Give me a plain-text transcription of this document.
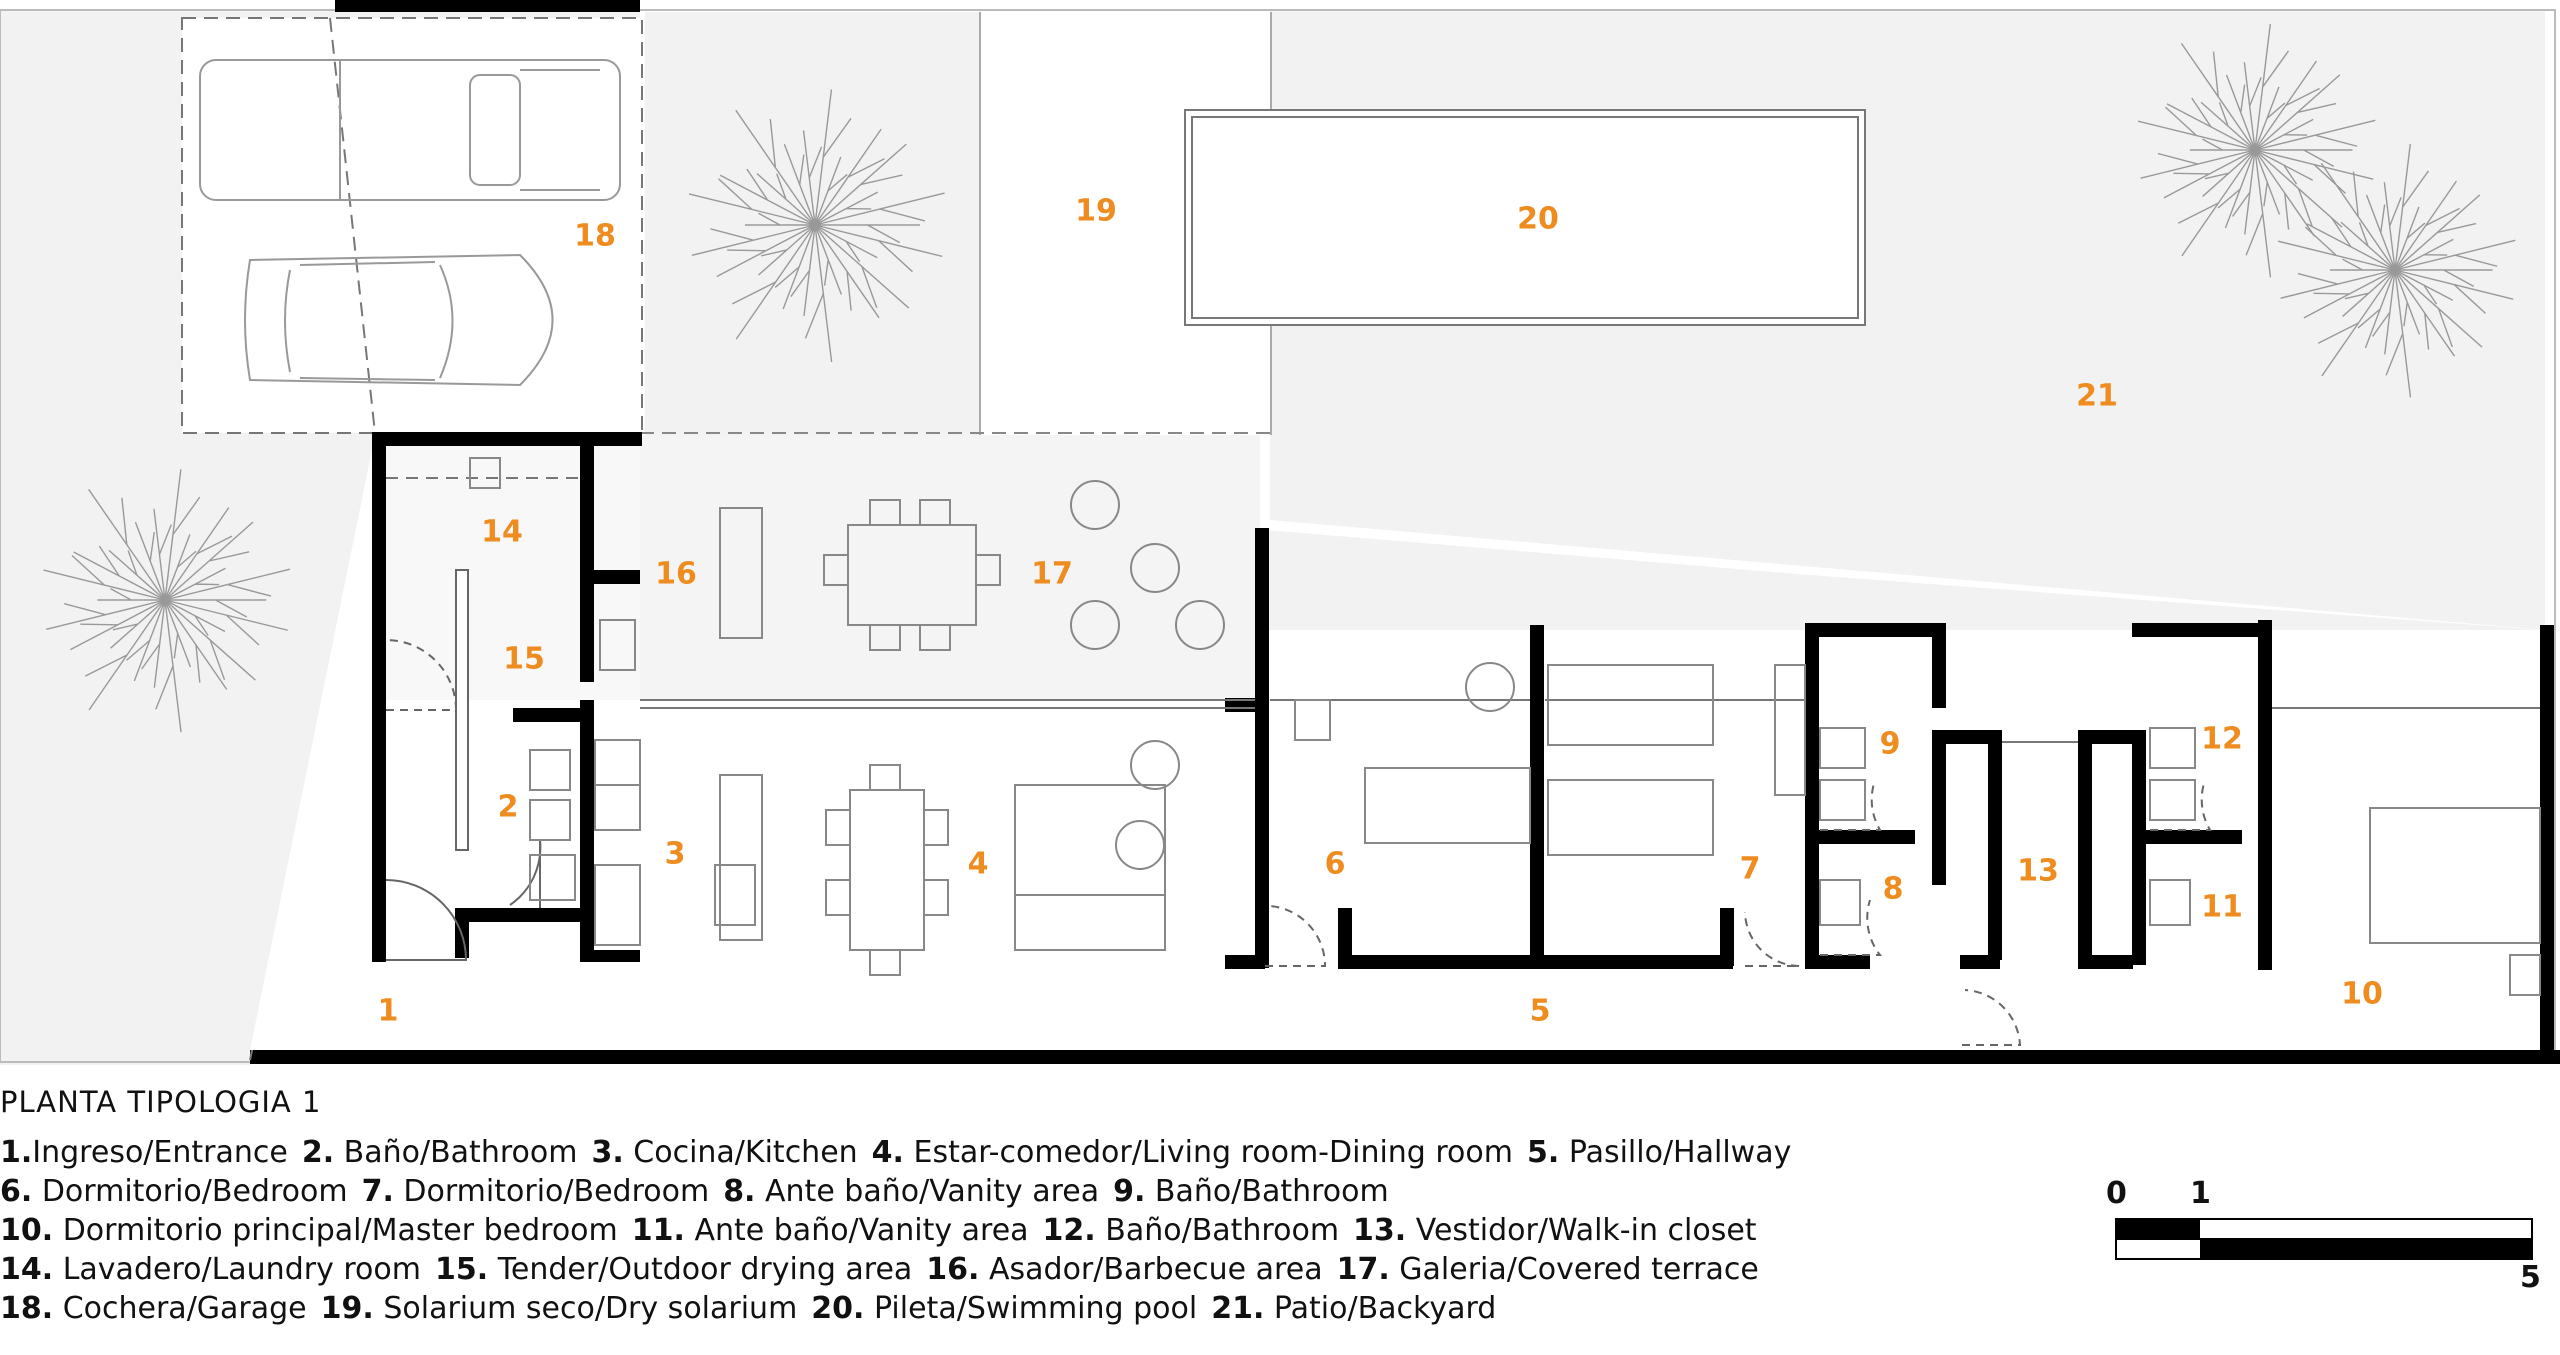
1
2
3	4
5
6	7
8
9
10
11
12
13
14
15
16	17
18
19	20
21
PLANTA TIPOLOGIA 1
1.Ingreso/Entrance 2. Baño/Bathroom 3. Cocina/Kitchen 4. Estar-comedor/Living room-Dining room 5. Pasillo/Hallway
6. Dormitorio/Bedroom 7. Dormitorio/Bedroom 8. Ante baño/Vanity area 9. Baño/Bathroom
10. Dormitorio principal/Master bedroom 11. Ante baño/Vanity area 12. Baño/Bathroom 13. Vestidor/Walk-in closet
14. Lavadero/Laundry room 15. Tender/Outdoor drying area 16. Asador/Barbecue area 17. Galeria/Covered terrace
18. Cochera/Garage 19. Solarium seco/Dry solarium 20. Pileta/Swimming pool 21. Patio/Backyard
0 1
5
